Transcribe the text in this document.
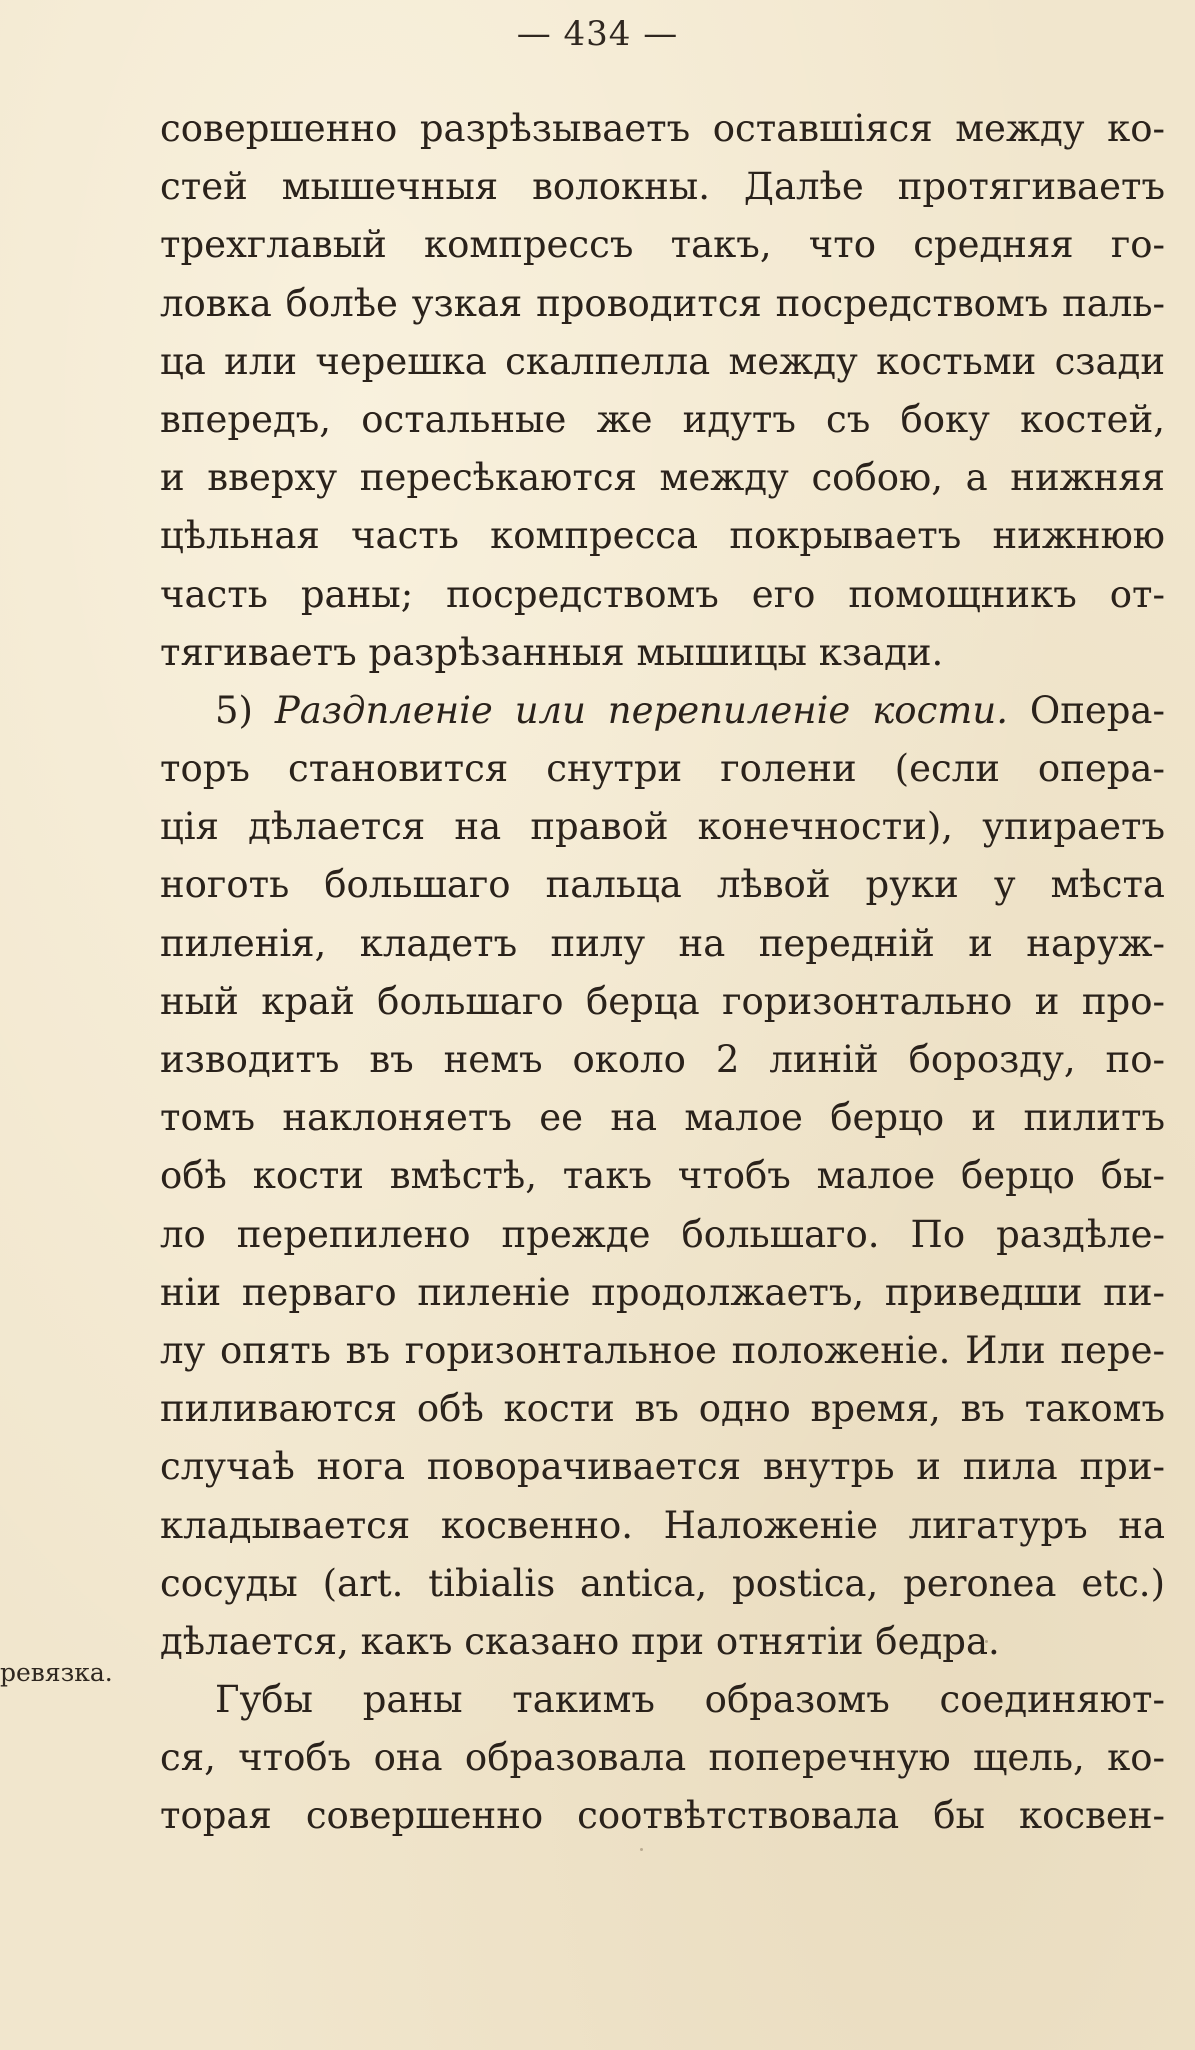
— 434 —
совершенно разрѣзываетъ оставшіяся между ко-
стей мышечныя волокны. Далѣе протягиваетъ
трехглавый компрессъ такъ, что средняя го-
ловка болѣе узкая проводится посредствомъ паль-
ца или черешка скалпелла между костьми сзади
впередъ, остальные же идутъ съ боку костей,
и вверху пересѣкаются между собою, а нижняя
цѣльная часть компресса покрываетъ нижнюю
часть раны; посредствомъ его помощникъ от-
тягиваетъ разрѣзанныя мышицы кзади.
5) Раздпленіе или перепиленіе кости. Опера-
торъ становится снутри голени (если опера-
ція дѣлается на правой конечности), упираетъ
ноготь большаго пальца лѣвой руки у мѣста
пиленія, кладетъ пилу на передній и наруж-
ный край большаго берца горизонтально и про-
изводитъ въ немъ около 2 линій борозду, по-
томъ наклоняетъ ее на малое берцо и пилитъ
обѣ кости вмѣстѣ, такъ чтобъ малое берцо бы-
ло перепилено прежде большаго. По раздѣле-
ніи перваго пиленіе продолжаетъ, приведши пи-
лу опять въ горизонтальное положеніе. Или пере-
пиливаются обѣ кости въ одно время, въ такомъ
случаѣ нога поворачивается внутрь и пила при-
кладывается косвенно. Наложеніе лигатуръ на
сосуды (art. tibialis antica, postica, peronea etc.)
дѣлается, какъ сказано при отнятіи бедра.
Губы раны такимъ образомъ соединяют-
ся, чтобъ она образовала поперечную щель, ко-
торая совершенно соотвѣтствовала бы косвен-
ревязка.
